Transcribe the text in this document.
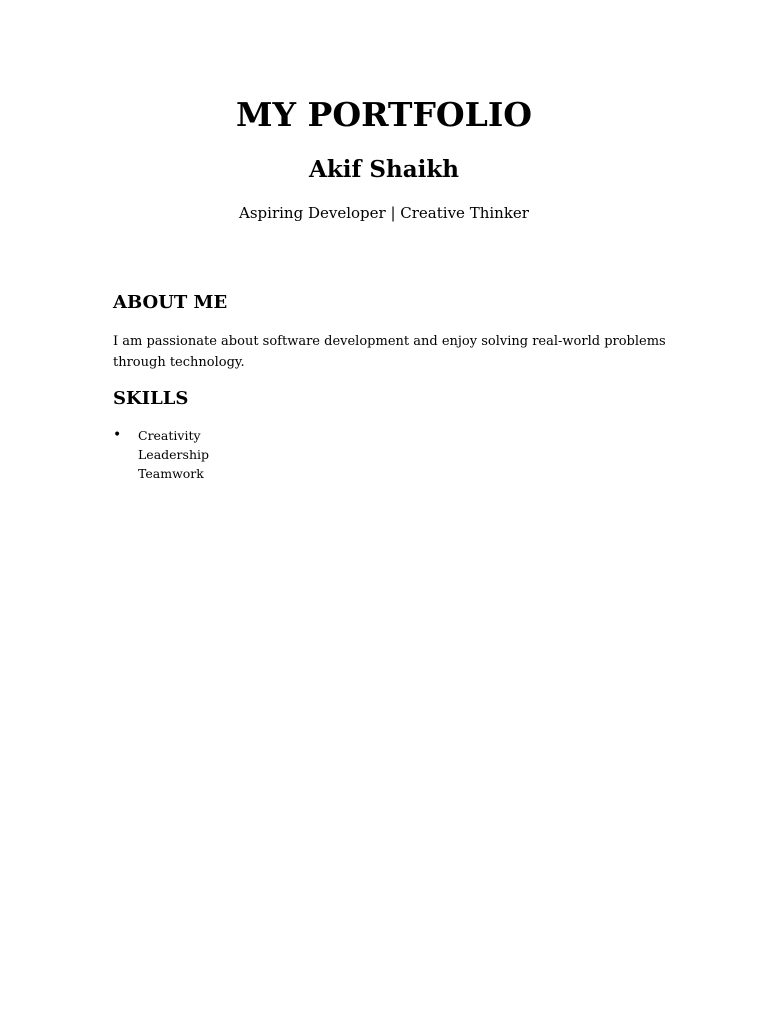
MY PORTFOLIO
Akif Shaikh

Aspiring Developer | Creative Thinker

ABOUT ME

I am passionate about software development and enjoy solving real-world problems through technology.

SKILLS
• Creativity
Leadership
Teamwork
